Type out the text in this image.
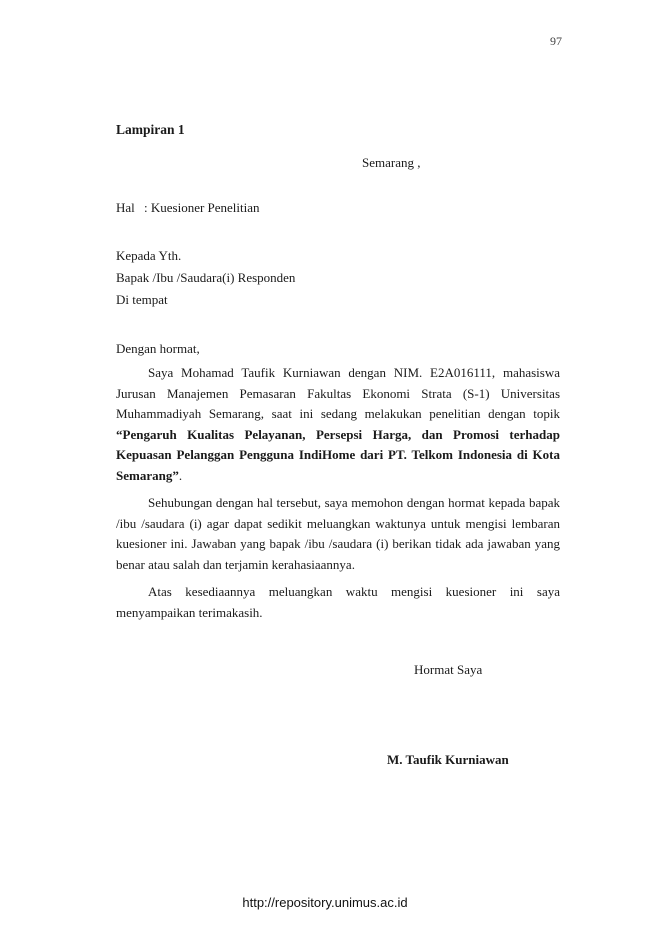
97
Lampiran 1
Semarang ,
Hal : Kuesioner Penelitian
Kepada Yth.
Bapak /Ibu /Saudara(i) Responden
Di tempat
Dengan hormat,

Saya Mohamad Taufik Kurniawan dengan NIM. E2A016111, mahasiswa Jurusan Manajemen Pemasaran Fakultas Ekonomi Strata (S-1) Universitas Muhammadiyah Semarang, saat ini sedang melakukan penelitian dengan topik “Pengaruh Kualitas Pelayanan, Persepsi Harga, dan Promosi terhadap Kepuasan Pelanggan Pengguna IndiHome dari PT. Telkom Indonesia di Kota Semarang”.

Sehubungan dengan hal tersebut, saya memohon dengan hormat kepada bapak /ibu /saudara (i) agar dapat sedikit meluangkan waktunya untuk mengisi lembaran kuesioner ini. Jawaban yang bapak /ibu /saudara (i) berikan tidak ada jawaban yang benar atau salah dan terjamin kerahasiaannya.

Atas kesediaannya meluangkan waktu mengisi kuesioner ini saya menyampaikan terimakasih.

Hormat Saya
M. Taufik Kurniawan
http://repository.unimus.ac.id
